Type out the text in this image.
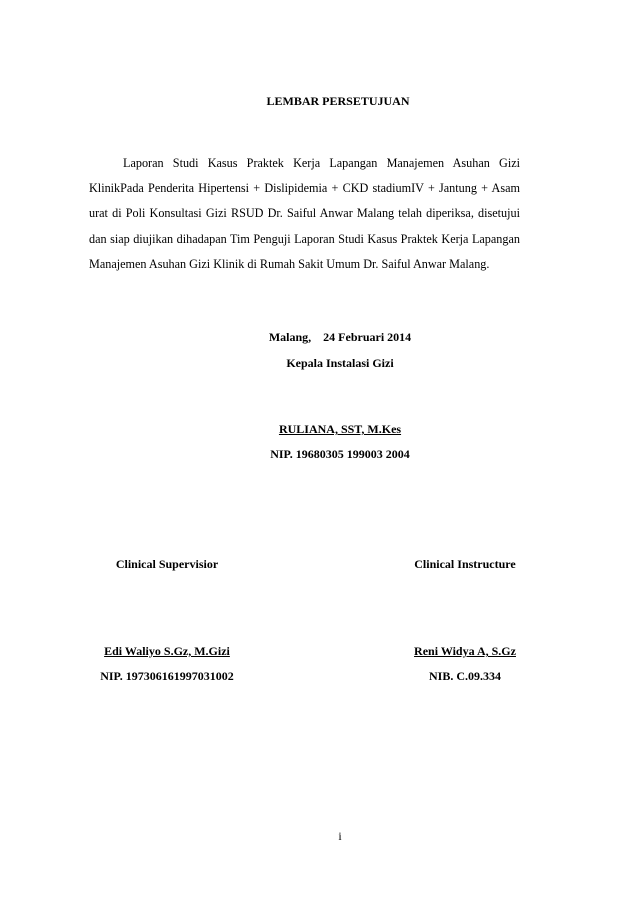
LEMBAR PERSETUJUAN
Laporan Studi Kasus Praktek Kerja Lapangan Manajemen Asuhan Gizi KlinikPada Penderita Hipertensi + Dislipidemia + CKD stadiumIV + Jantung + Asam urat di Poli Konsultasi Gizi RSUD Dr. Saiful Anwar Malang telah diperiksa, disetujui dan siap diujikan dihadapan Tim Penguji Laporan Studi Kasus Praktek Kerja Lapangan Manajemen Asuhan Gizi Klinik di Rumah Sakit Umum Dr. Saiful Anwar Malang.
Malang,    24 Februari 2014
Kepala Instalasi Gizi
RULIANA, SST, M.Kes
NIP. 19680305 199003 2004
Clinical Supervisior	Clinical Instructure
Edi Waliyo S.Gz, M.Gizi	Reni Widya A, S.Gz
NIP. 197306161997031002	NIB. C.09.334
i
